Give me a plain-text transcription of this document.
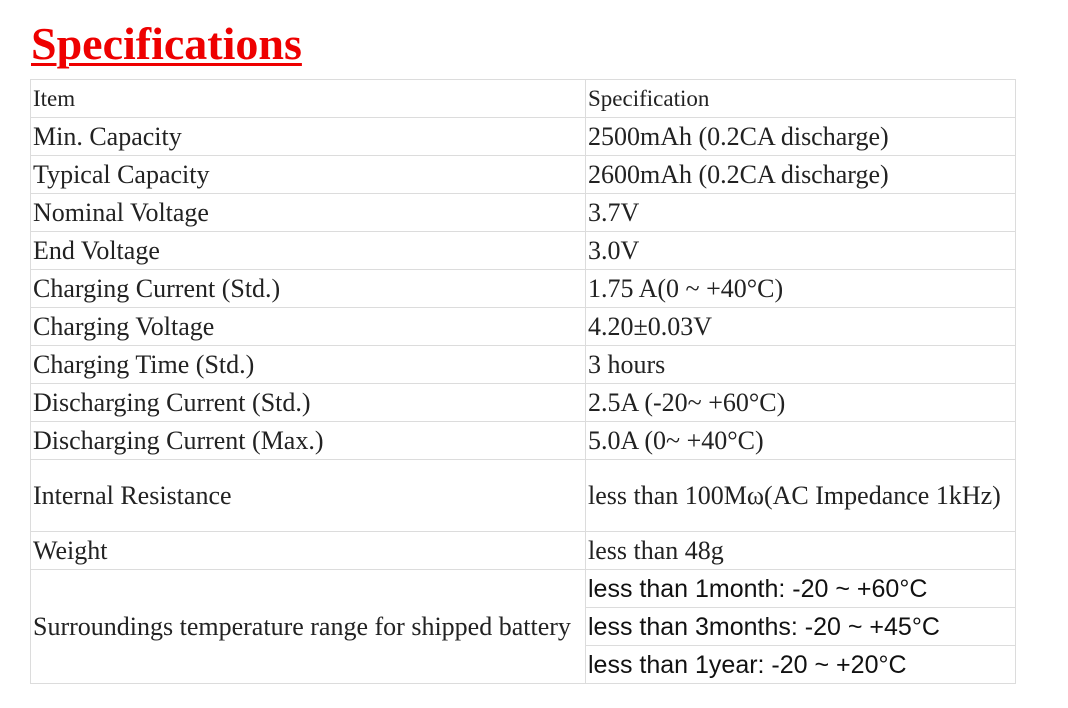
Specifications
Item	Specification
Min. Capacity	2500mAh (0.2CA discharge)
Typical Capacity	2600mAh (0.2CA discharge)
Nominal Voltage	3.7V
End Voltage	3.0V
Charging Current (Std.)	1.75 A(0 ~ +40°C)
Charging Voltage	4.20±0.03V
Charging Time (Std.)	3 hours
Discharging Current (Std.)	2.5A (-20~ +60°C)
Discharging Current (Max.)	5.0A (0~ +40°C)
Internal Resistance	less than 100Mω(AC Impedance 1kHz)
Weight	less than 48g
Surroundings temperature range for shipped battery	less than 1month: -20 ~ +60°C
	less than 3months: -20 ~ +45°C
	less than 1year: -20 ~ +20°C
